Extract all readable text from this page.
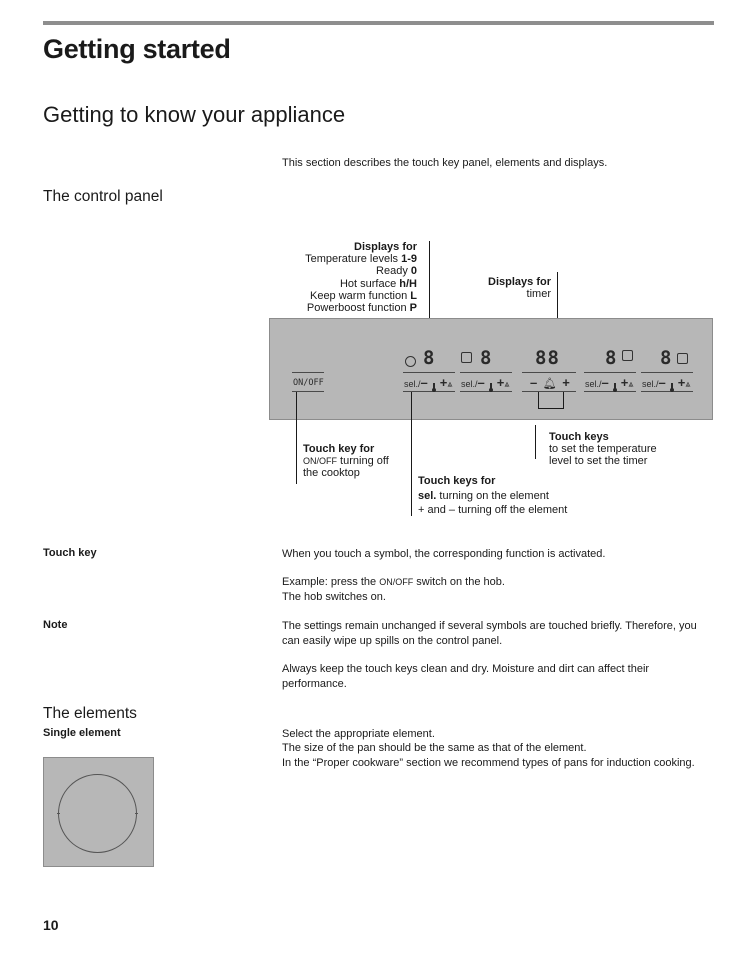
Getting started
Getting to know your appliance
This section describes the touch key panel, elements and displays.
The control panel
Displays for
Temperature levels 1-9
Ready 0
Hot surface h/H
Keep warm function L
Powerboost function P
Displays for
timer
ON/OFF
8 8 88 8 8
sel./– +⩓ sel./– +⩓ – 🔔︎ + sel./– +⩓ sel./– +⩓
Touch key for
ON/OFF turning off
the cooktop
Touch keys for
sel. turning on the element
+ and – turning off the element
Touch keys
to set the temperature
level to set the timer
Touch key	When you touch a symbol, the corresponding function is activated.
Example: press the ON/OFF switch on the hob.
The hob switches on.
Note	The settings remain unchanged if several symbols are touched briefly. Therefore, you can easily wipe up spills on the control panel.
Always keep the touch keys clean and dry. Moisture and dirt can affect their performance.
The elements
Single element	Select the appropriate element.
The size of the pan should be the same as that of the element.
In the “Proper cookware” section we recommend types of pans for induction cooking.
10
